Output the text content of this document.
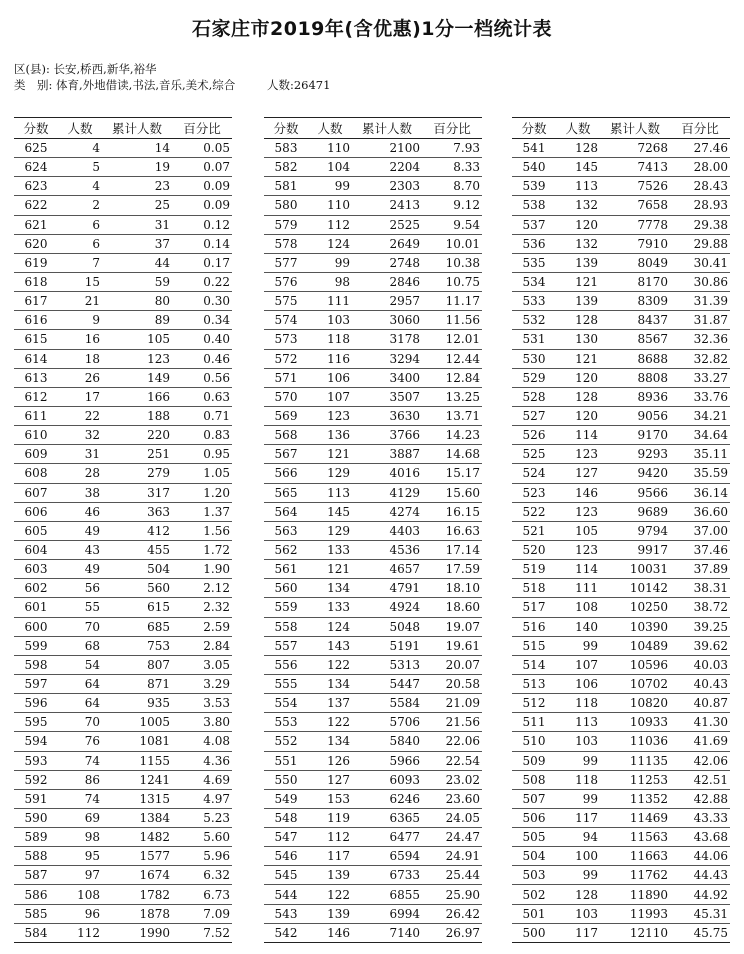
石家庄市2019年(含优惠)1分一档统计表
区(县): 长安,桥西,新华,裕华
类　别: 体育,外地借读,书法,音乐,美术,综合	人数:26471
分数	人数	累计人数	百分比
625	4	14	0.05
624	5	19	0.07
623	4	23	0.09
622	2	25	0.09
621	6	31	0.12
620	6	37	0.14
619	7	44	0.17
618	15	59	0.22
617	21	80	0.30
616	9	89	0.34
615	16	105	0.40
614	18	123	0.46
613	26	149	0.56
612	17	166	0.63
611	22	188	0.71
610	32	220	0.83
609	31	251	0.95
608	28	279	1.05
607	38	317	1.20
606	46	363	1.37
605	49	412	1.56
604	43	455	1.72
603	49	504	1.90
602	56	560	2.12
601	55	615	2.32
600	70	685	2.59
599	68	753	2.84
598	54	807	3.05
597	64	871	3.29
596	64	935	3.53
595	70	1005	3.80
594	76	1081	4.08
593	74	1155	4.36
592	86	1241	4.69
591	74	1315	4.97
590	69	1384	5.23
589	98	1482	5.60
588	95	1577	5.96
587	97	1674	6.32
586	108	1782	6.73
585	96	1878	7.09
584	112	1990	7.52
分数	人数	累计人数	百分比
583	110	2100	7.93
582	104	2204	8.33
581	99	2303	8.70
580	110	2413	9.12
579	112	2525	9.54
578	124	2649	10.01
577	99	2748	10.38
576	98	2846	10.75
575	111	2957	11.17
574	103	3060	11.56
573	118	3178	12.01
572	116	3294	12.44
571	106	3400	12.84
570	107	3507	13.25
569	123	3630	13.71
568	136	3766	14.23
567	121	3887	14.68
566	129	4016	15.17
565	113	4129	15.60
564	145	4274	16.15
563	129	4403	16.63
562	133	4536	17.14
561	121	4657	17.59
560	134	4791	18.10
559	133	4924	18.60
558	124	5048	19.07
557	143	5191	19.61
556	122	5313	20.07
555	134	5447	20.58
554	137	5584	21.09
553	122	5706	21.56
552	134	5840	22.06
551	126	5966	22.54
550	127	6093	23.02
549	153	6246	23.60
548	119	6365	24.05
547	112	6477	24.47
546	117	6594	24.91
545	139	6733	25.44
544	122	6855	25.90
543	139	6994	26.42
542	146	7140	26.97
分数	人数	累计人数	百分比
541	128	7268	27.46
540	145	7413	28.00
539	113	7526	28.43
538	132	7658	28.93
537	120	7778	29.38
536	132	7910	29.88
535	139	8049	30.41
534	121	8170	30.86
533	139	8309	31.39
532	128	8437	31.87
531	130	8567	32.36
530	121	8688	32.82
529	120	8808	33.27
528	128	8936	33.76
527	120	9056	34.21
526	114	9170	34.64
525	123	9293	35.11
524	127	9420	35.59
523	146	9566	36.14
522	123	9689	36.60
521	105	9794	37.00
520	123	9917	37.46
519	114	10031	37.89
518	111	10142	38.31
517	108	10250	38.72
516	140	10390	39.25
515	99	10489	39.62
514	107	10596	40.03
513	106	10702	40.43
512	118	10820	40.87
511	113	10933	41.30
510	103	11036	41.69
509	99	11135	42.06
508	118	11253	42.51
507	99	11352	42.88
506	117	11469	43.33
505	94	11563	43.68
504	100	11663	44.06
503	99	11762	44.43
502	128	11890	44.92
501	103	11993	45.31
500	117	12110	45.75
